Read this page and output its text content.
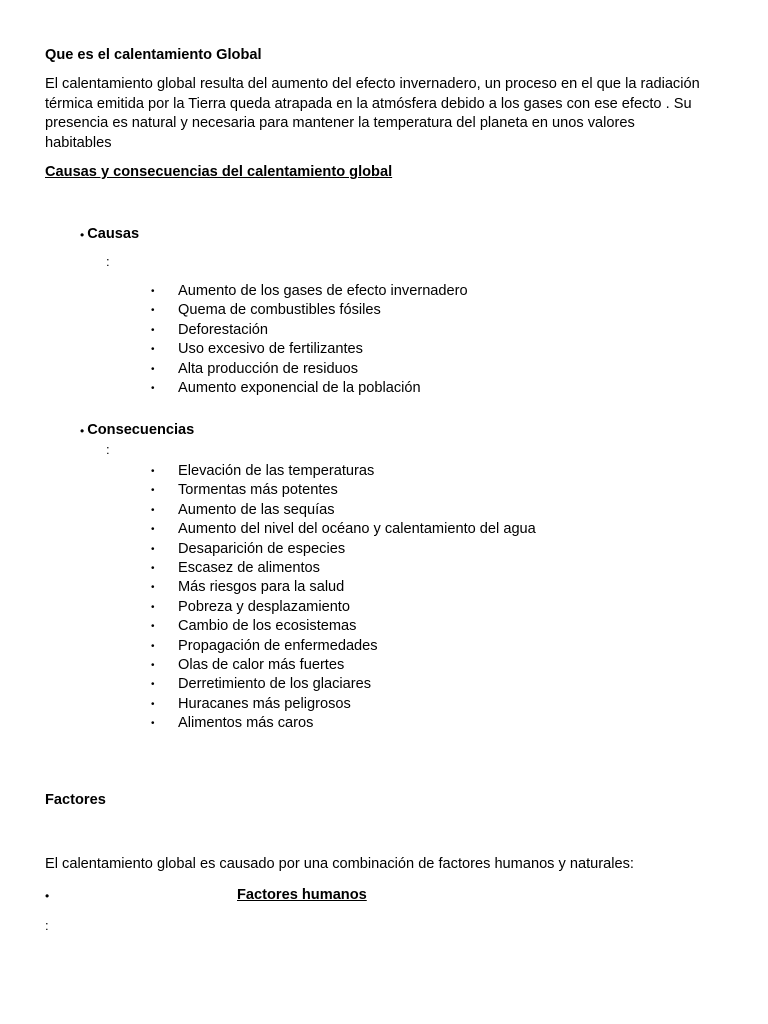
Que es el calentamiento Global
El calentamiento global resulta del aumento del efecto invernadero, un proceso en el que la radiación
térmica emitida por la Tierra queda atrapada en la atmósfera debido a los gases con ese efecto . Su
presencia es natural y necesaria para mantener la temperatura del planeta en unos valores
habitables
Causas y consecuencias del calentamiento global
• Causas
:
• Aumento de los gases de efecto invernadero
• Quema de combustibles fósiles
• Deforestación
• Uso excesivo de fertilizantes
• Alta producción de residuos
• Aumento exponencial de la población
• Consecuencias
:
• Elevación de las temperaturas
• Tormentas más potentes
• Aumento de las sequías
• Aumento del nivel del océano y calentamiento del agua
• Desaparición de especies
• Escasez de alimentos
• Más riesgos para la salud
• Pobreza y desplazamiento
• Cambio de los ecosistemas
• Propagación de enfermedades
• Olas de calor más fuertes
• Derretimiento de los glaciares
• Huracanes más peligrosos
• Alimentos más caros
Factores
El calentamiento global es causado por una combinación de factores humanos y naturales:
•	Factores humanos
:
